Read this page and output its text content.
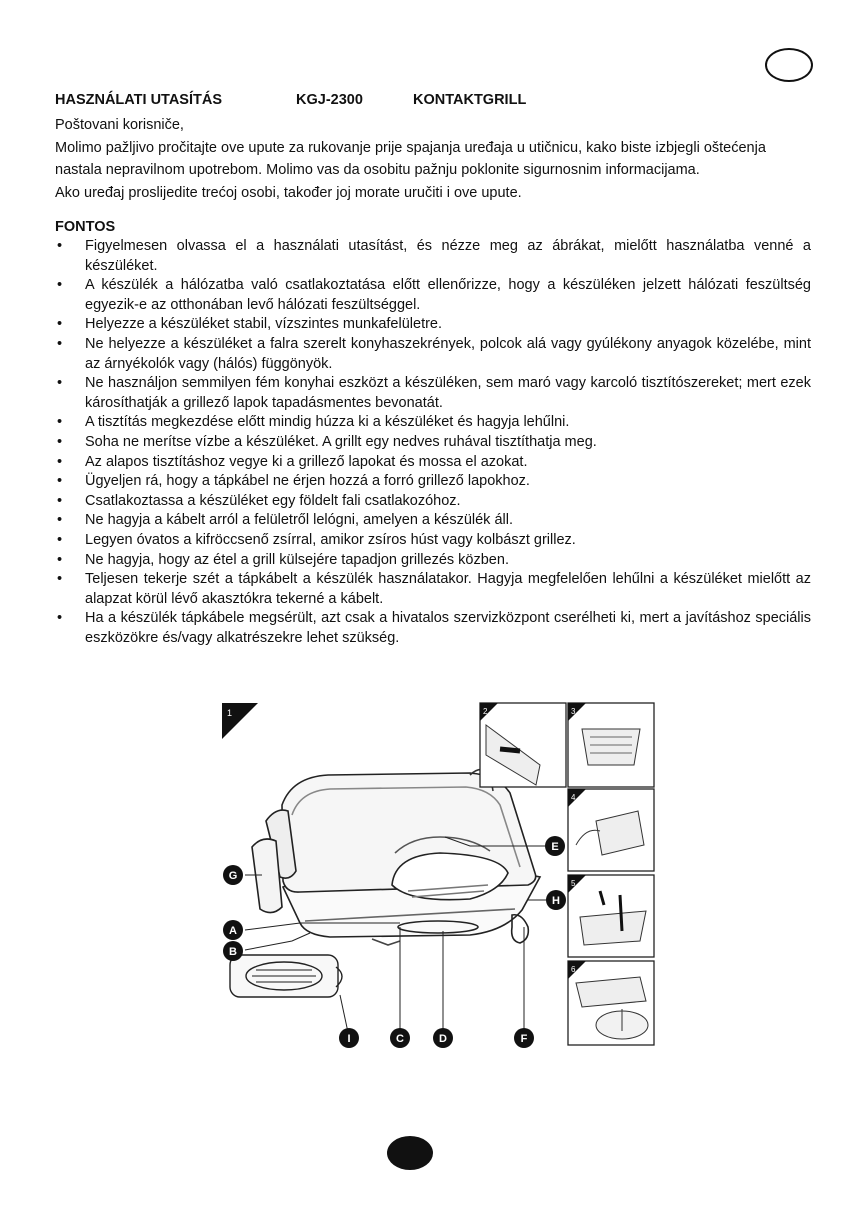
HASZNÁLATI UTASÍTÁS	KGJ-2300	KONTAKTGRILL

Poštovani korisniče,

Molimo pažljivo pročitajte ove upute za rukovanje prije spajanja uređaja u utičnicu, kako biste izbjegli oštećenja nastala nepravilnom upotrebom. Molimo vas da osobitu pažnju poklonite sigurnosnim informacijama.

Ako uređaj proslijedite trećoj osobi, također joj morate uručiti i ove upute.

FONTOS
• Figyelmesen olvassa el a használati utasítást, és nézze meg az ábrákat, mielőtt használatba venné a készüléket.
• A készülék a hálózatba való csatlakoztatása előtt ellenőrizze, hogy a készüléken jelzett hálózati feszültség egyezik-e az otthonában levő hálózati feszültséggel.
• Helyezze a készüléket stabil, vízszintes munkafelületre.
• Ne helyezze a készüléket a falra szerelt konyhaszekrények, polcok alá vagy gyúlékony anyagok közelébe, mint az árnyékolók vagy (hálós) függönyök.
• Ne használjon semmilyen fém konyhai eszközt a készüléken, sem maró vagy karcoló tisztítószereket; mert ezek károsíthatják a grillező lapok tapadásmentes bevonatát.
• A tisztítás megkezdése előtt mindig húzza ki a készüléket és hagyja lehűlni.
• Soha ne merítse vízbe a készüléket. A grillt egy nedves ruhával tisztíthatja meg.
• Az alapos tisztításhoz vegye ki a grillező lapokat és mossa el azokat.
• Ügyeljen rá, hogy a tápkábel ne érjen hozzá a forró grillező lapokhoz.
• Csatlakoztassa a készüléket egy földelt fali csatlakozóhoz.
• Ne hagyja a kábelt arról a felületről lelógni, amelyen a készülék áll.
• Legyen óvatos a kifröccsenő zsírral, amikor zsíros húst vagy kolbászt grillez.
• Ne hagyja, hogy az étel a grill külsejére tapadjon grillezés közben.
• Teljesen tekerje szét a tápkábelt a készülék használatakor. Hagyja megfelelően lehűlni a készüléket mielőtt az alapzat körül lévő akasztókra tekerné a kábelt.
• Ha a készülék tápkábele megsérült, azt csak a hivatalos szervizközpont cserélheti ki, mert a javításhoz speciális eszközökre és/vagy alkatrészekre lehet szükség.
1	2	3
4
5
6
G
A
B
E
H
I	C	D	F
